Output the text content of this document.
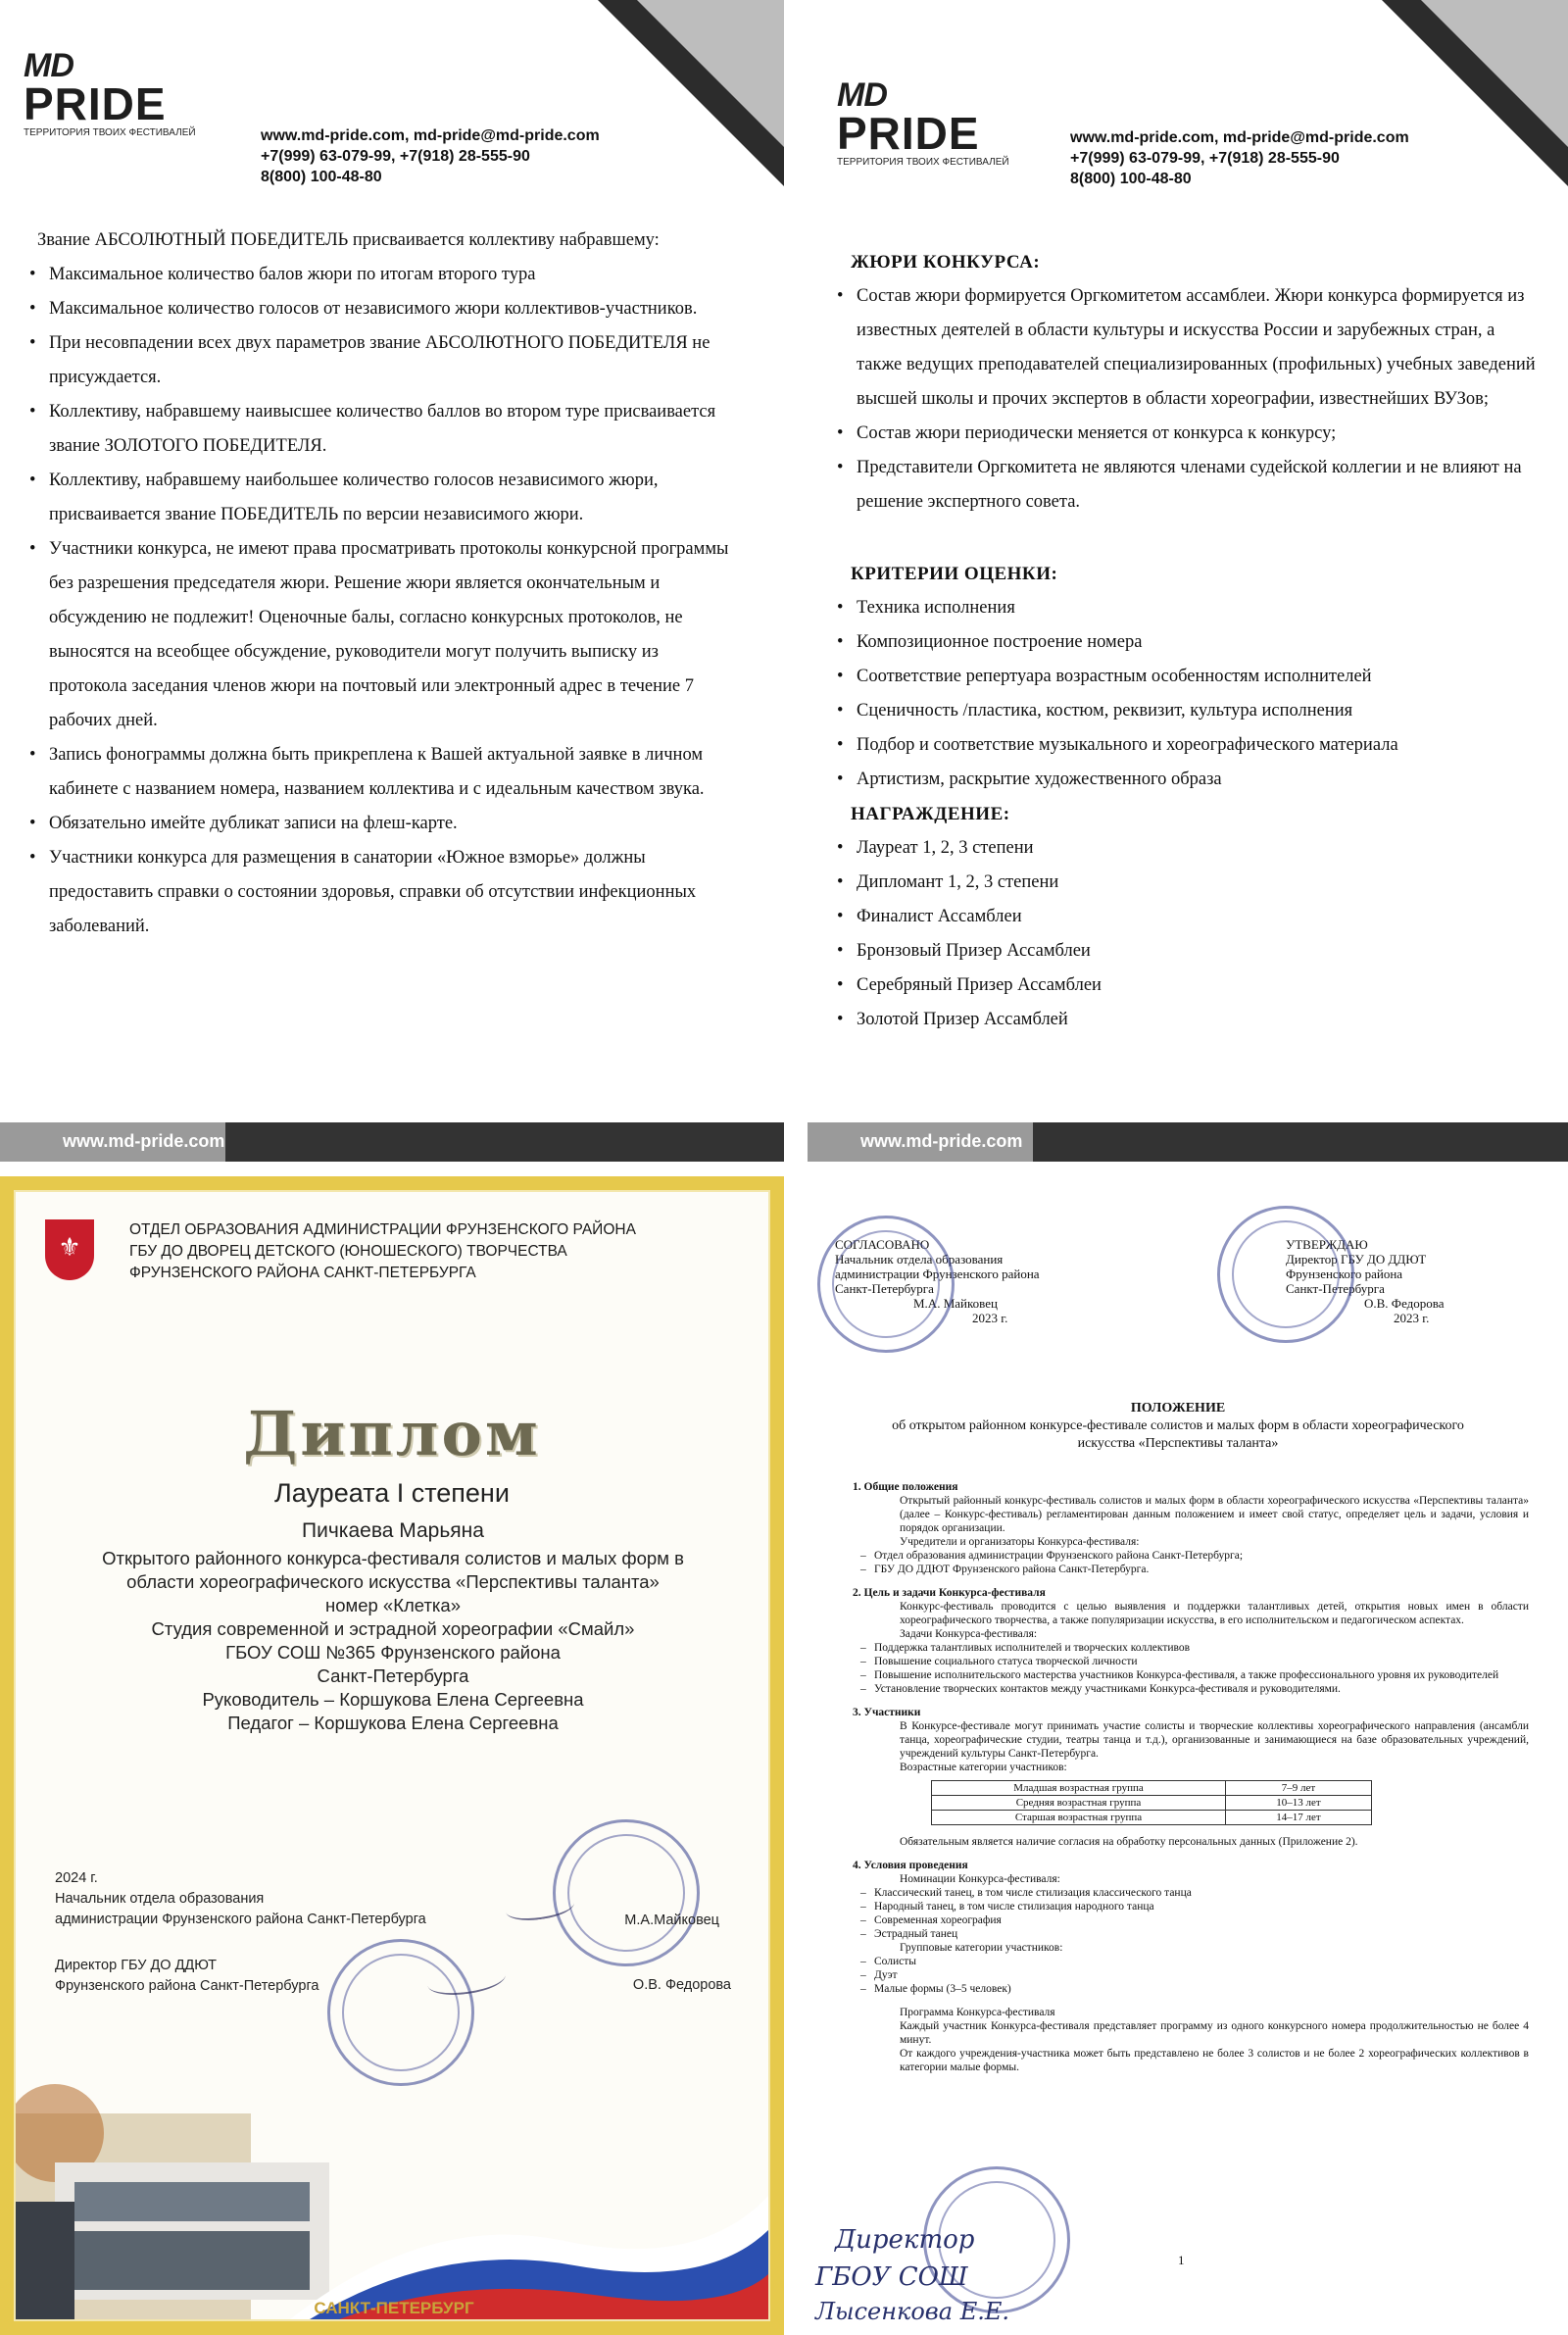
MD
PRIDE
ТЕРРИТОРИЯ ТВОИХ ФЕСТИВАЛЕЙ	www.md-pride.com, md-pride@md-pride.com
+7(999) 63-079-99, +7(918) 28-555-90
8(800) 100-48-80
Звание АБСОЛЮТНЫЙ ПОБЕДИТЕЛЬ присваивается коллективу набравшему:
• Максимальное количество балов жюри по итогам второго тура
• Максимальное количество голосов от независимого жюри коллективов-участников.
• При несовпадении всех двух параметров звание АБСОЛЮТНОГО ПОБЕДИТЕЛЯ не присуждается.
• Коллективу, набравшему наивысшее количество баллов во втором туре присваивается звание ЗОЛОТОГО ПОБЕДИТЕЛЯ.
• Коллективу, набравшему наибольшее количество голосов независимого жюри, присваивается звание ПОБЕДИТЕЛЬ по версии независимого жюри.
• Участники конкурса, не имеют права просматривать протоколы конкурсной программы без разрешения председателя жюри. Решение жюри является окончательным и обсуждению не подлежит! Оценочные балы, согласно конкурсных протоколов, не выносятся на всеобщее обсуждение, руководители могут получить выписку из протокола заседания членов жюри на почтовый или электронный адрес в течение 7 рабочих дней.
• Запись фонограммы должна быть прикреплена к Вашей актуальной заявке в личном кабинете с названием номера, названием коллектива и с идеальным качеством звука.
• Обязательно имейте дубликат записи на флеш-карте.
• Участники конкурса для размещения в санатории «Южное взморье» должны предоставить справки о состоянии здоровья, справки об отсутствии инфекционных заболеваний.
www.md-pride.com
MD
PRIDE
ТЕРРИТОРИЯ ТВОИХ ФЕСТИВАЛЕЙ
www.md-pride.com, md-pride@md-pride.com
+7(999) 63-079-99, +7(918) 28-555-90
8(800) 100-48-80
ЖЮРИ КОНКУРСА:
• Состав жюри формируется Оргкомитетом ассамблеи. Жюри конкурса формируется из известных деятелей в области культуры и искусства России и зарубежных стран, а также ведущих преподавателей специализированных (профильных) учебных заведений высшей школы и прочих экспертов в области хореографии, известнейших ВУЗов;
• Состав жюри периодически меняется от конкурса к конкурсу;
• Представители Оргкомитета не являются членами судейской коллегии и не влияют на решение экспертного совета.
КРИТЕРИИ ОЦЕНКИ:
• Техника исполнения
• Композиционное построение номера
• Соответствие репертуара возрастным особенностям исполнителей
• Сценичность /пластика, костюм, реквизит, культура исполнения
• Подбор и соответствие музыкального и хореографического материала
• Артистизм, раскрытие художественного образа
НАГРАЖДЕНИЕ:
• Лауреат 1, 2, 3 степени
• Дипломант 1, 2, 3 степени
• Финалист Ассамблеи
• Бронзовый Призер Ассамблеи
• Серебряный Призер Ассамблеи
• Золотой Призер Ассамблей
www.md-pride.com
⚜
ОТДЕЛ ОБРАЗОВАНИЯ АДМИНИСТРАЦИИ ФРУНЗЕНСКОГО РАЙОНА
ГБУ ДО ДВОРЕЦ ДЕТСКОГО (ЮНОШЕСКОГО) ТВОРЧЕСТВА
ФРУНЗЕНСКОГО РАЙОНА САНКТ-ПЕТЕРБУРГА
Диплом
Лауреата I степени
Пичкаева Марьяна
Открытого районного конкурса-фестиваля солистов и малых форм в
области хореографического искусства «Перспективы таланта»
номер «Клетка»
Студия современной и эстрадной хореографии «Смайл»
ГБОУ СОШ №365 Фрунзенского района
Санкт-Петербурга
Руководитель – Коршукова Елена Сергеевна
Педагог – Коршукова Елена Сергеевна
2024 г.
Начальник отдела образования
администрации Фрунзенского района Санкт-Петербурга	М.А.Майковец
Директор ГБУ ДО ДДЮТ
Фрунзенского района Санкт-Петербурга	О.В. Федорова
САНКТ-ПЕТЕРБУРГ
СОГЛАСОВАНО
Начальник отдела образования
администрации Фрунзенского района
Санкт-Петербурга
М.А. Майковец
2023 г.
УТВЕРЖДАЮ
Директор ГБУ ДО ДДЮТ
Фрунзенского района
Санкт-Петербурга
О.В. Федорова
2023 г.
ПОЛОЖЕНИЕ
об открытом районном конкурсе-фестивале солистов и малых форм в области хореографического
искусства «Перспективы таланта»
1. Общие положения

Открытый районный конкурс-фестиваль солистов и малых форм в области хореографического искусства «Перспективы таланта» (далее – Конкурс-фестиваль) регламентирован данным положением и имеет свой статус, определяет цель и задачи, условия и порядок организации.

Учредители и организаторы Конкурса-фестиваля:
– Отдел образования администрации Фрунзенского района Санкт-Петербурга;
– ГБУ ДО ДДЮТ Фрунзенского района Санкт-Петербурга.
2. Цель и задачи Конкурса-фестиваля

Конкурс-фестиваль проводится с целью выявления и поддержки талантливых детей, открытия новых имен в области хореографического творчества, а также популяризации искусства, в его исполнительском и педагогическом аспектах.

Задачи Конкурса-фестиваля:
– Поддержка талантливых исполнителей и творческих коллективов
– Повышение социального статуса творческой личности
– Повышение исполнительского мастерства участников Конкурса-фестиваля, а также профессионального уровня их руководителей
– Установление творческих контактов между участниками Конкурса-фестиваля и руководителями.
3. Участники

В Конкурсе-фестивале могут принимать участие солисты и творческие коллективы хореографического направления (ансамбли танца, хореографические студии, театры танца и т.д.), организованные и занимающиеся на базе образовательных учреждений, учреждений культуры Санкт-Петербурга.

Возрастные категории участников:
Младшая возрастная группа	7–9 лет
Средняя возрастная группа	10–13 лет
Старшая возрастная группа	14–17 лет
Обязательным является наличие согласия на обработку персональных данных (Приложение 2).
4. Условия проведения
Номинации Конкурса-фестиваля:
– Классический танец, в том числе стилизация классического танца
– Народный танец, в том числе стилизация народного танца
– Современная хореография
– Эстрадный танец
Групповые категории участников:
– Солисты
– Дуэт
– Малые формы (3–5 человек)
Программа Конкурса-фестиваля

Каждый участник Конкурса-фестиваля представляет программу из одного конкурсного номера продолжительностью не более 4 минут.

От каждого учреждения-участника может быть представлено не более 3 солистов и не более 2 хореографических коллективов в категории малые формы.

1
Директор
ГБОУ СОШ
Лысенкова Е.Е.
